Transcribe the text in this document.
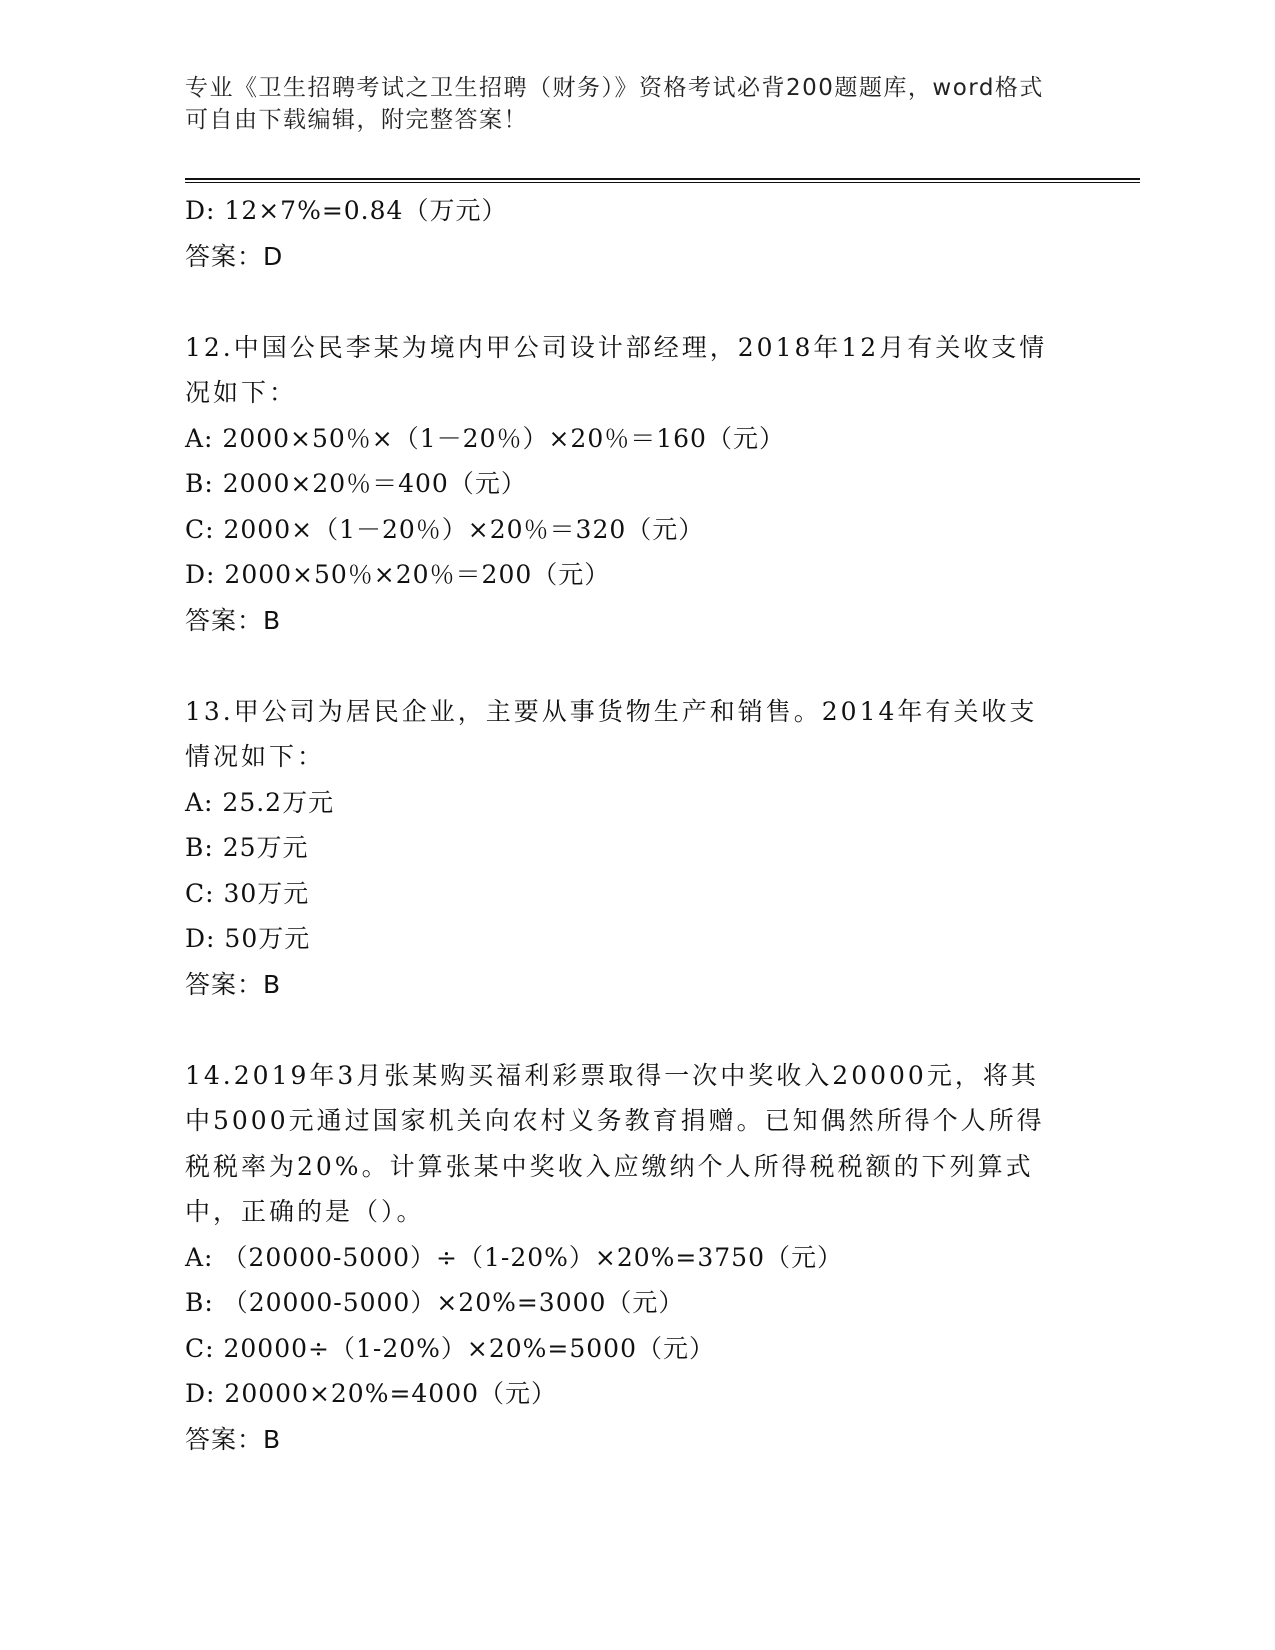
专业《卫生招聘考试之卫生招聘（财务）》资格考试必背200题题库，word格式可自由下载编辑，附完整答案！
D: 12×7%=0.84（万元）
答案：D
12.中国公民李某为境内甲公司设计部经理，2018年12月有关收支情况如下：
A: 2000×50％×（1－20％）×20％＝160（元）
B: 2000×20％＝400（元）
C: 2000×（1－20％）×20％＝320（元）
D: 2000×50％×20％＝200（元）
答案：B
13.甲公司为居民企业，主要从事货物生产和销售。2014年有关收支情况如下：
A: 25.2万元
B: 25万元
C: 30万元
D: 50万元
答案：B
14.2019年3月张某购买福利彩票取得一次中奖收入20000元，将其中5000元通过国家机关向农村义务教育捐赠。已知偶然所得个人所得税税率为20%。计算张某中奖收入应缴纳个人所得税税额的下列算式中，正确的是（）。
A: （20000-5000）÷（1-20%）×20%=3750（元）
B: （20000-5000）×20%=3000（元）
C: 20000÷（1-20%）×20%=5000（元）
D: 20000×20%=4000（元）
答案：B
